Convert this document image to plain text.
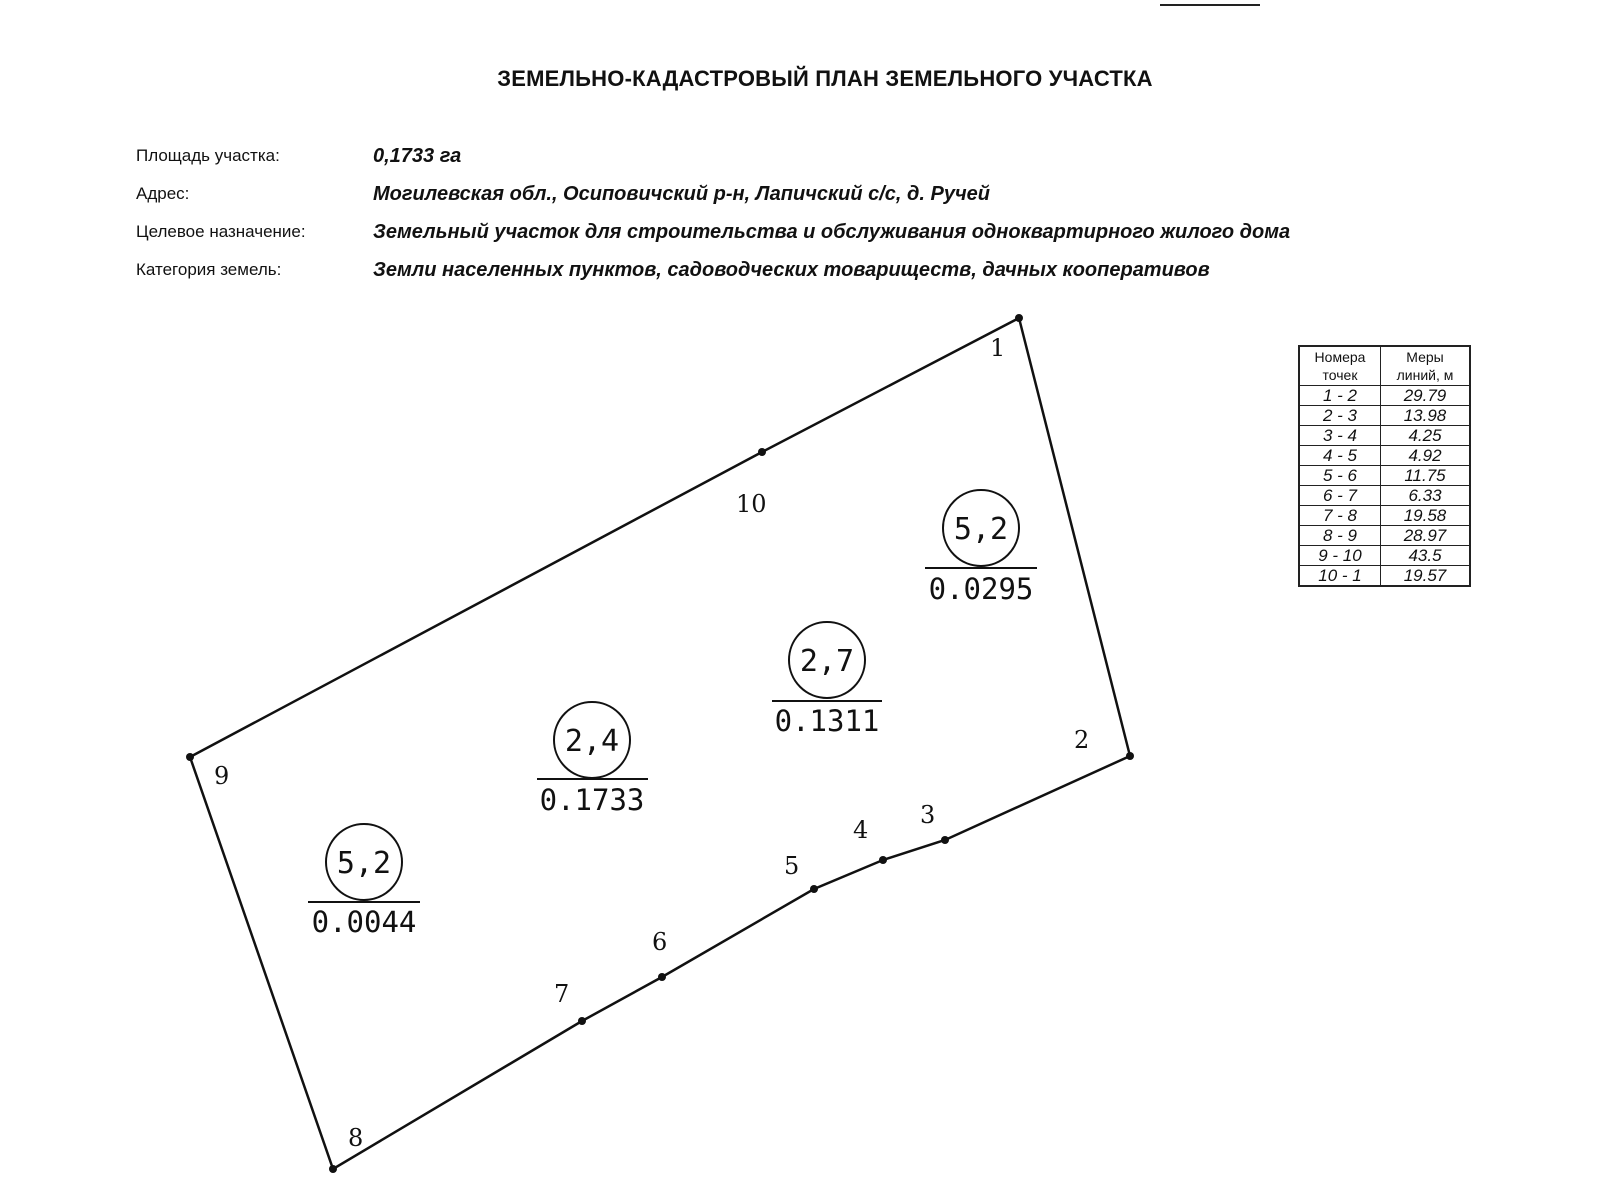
ЗЕМЕЛЬНО-КАДАСТРОВЫЙ ПЛАН ЗЕМЕЛЬНОГО УЧАСТКА
Площадь участка:	0,1733 га
Адрес:	Могилевская обл., Осиповичский р-н, Лапичский с/с, д. Ручей
Целевое назначение:	Земельный участок для строительства и обслуживания одноквартирного жилого дома
Категория земель:	Земли населенных пунктов, садоводческих товариществ, дачных кооперативов
1
2
3
4
5
6
7
8
9
10
5,2
0.0295
2,7
0.1311
2,4
0.1733
5,2
0.0044
Номера
точек	Меры
линий, м
1 - 2	29.79
2 - 3	13.98
3 - 4	4.25
4 - 5	4.92
5 - 6	11.75
6 - 7	6.33
7 - 8	19.58
8 - 9	28.97
9 - 10	43.5
10 - 1	19.57
